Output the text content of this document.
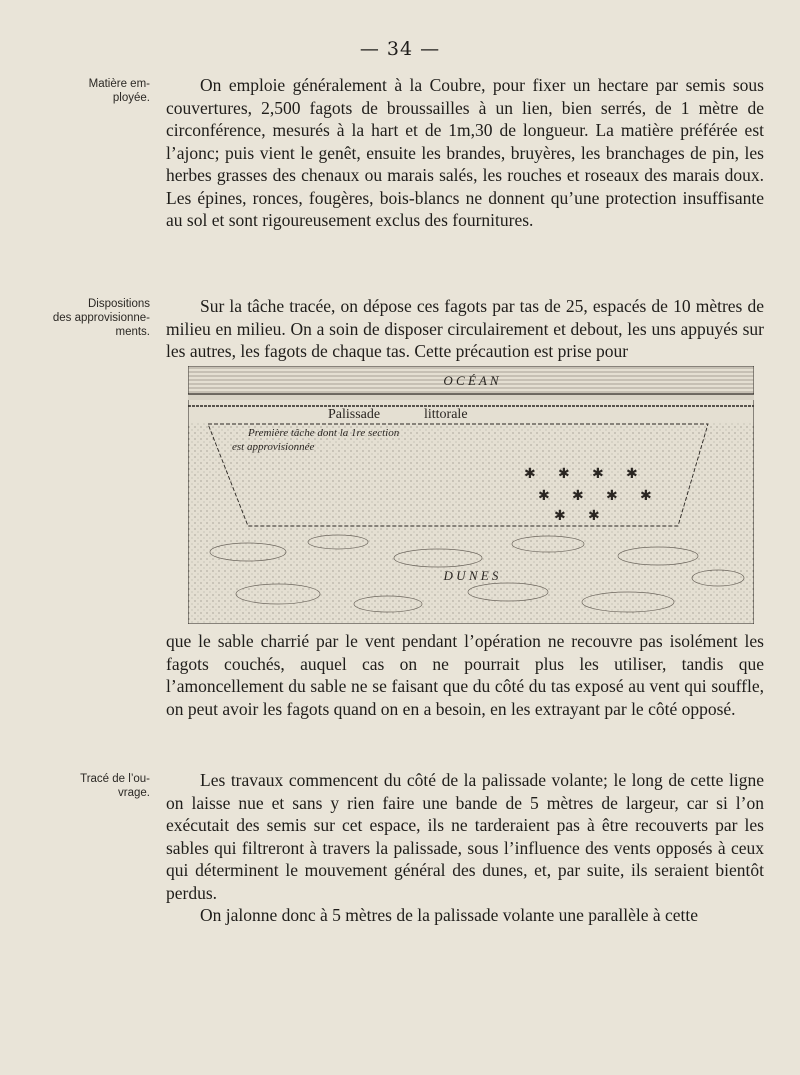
— 34 —
Matière em-
ployée.
Dispositions
des approvisionne-
ments.
Tracé de l’ou-
vrage.

On emploie généralement à la Coubre, pour fixer un hectare par semis sous couvertures, 2,500 fagots de broussailles à un lien, bien serrés, de 1 mètre de circonférence, mesurés à la hart et de 1m,30 de longueur. La matière préférée est l’ajonc; puis vient le genêt, ensuite les brandes, bruyères, les branchages de pin, les herbes grasses des chenaux ou marais salés, les rouches et roseaux des marais doux. Les épines, ronces, fougères, bois-blancs ne donnent qu’une protection insuffisante au sol et sont rigoureusement exclus des fournitures.

Sur la tâche tracée, on dépose ces fagots par tas de 25, espacés de 10 mètres de milieu en milieu. On a soin de disposer circulairement et debout, les uns appuyés sur les autres, les fagots de chaque tas. Cette précaution est prise pour

O C É A N
Palissade	littorale
Première tâche dont la 1re section
est approvisionnée
✱ ✱ ✱ ✱
✱ ✱ ✱ ✱
✱ ✱
D U N E S

que le sable charrié par le vent pendant l’opération ne recouvre pas isolément les fagots couchés, auquel cas on ne pourrait plus les utiliser, tandis que l’amoncellement du sable ne se faisant que du côté du tas exposé au vent qui souffle, on peut avoir les fagots quand on en a besoin, en les extrayant par le côté opposé.

Les travaux commencent du côté de la palissade volante; le long de cette ligne on laisse nue et sans y rien faire une bande de 5 mètres de largeur, car si l’on exécutait des semis sur cet espace, ils ne tarderaient pas à être recouverts par les sables qui filtreront à travers la palissade, sous l’influence des vents opposés à ceux qui déterminent le mouvement général des dunes, et, par suite, ils seraient bientôt perdus.

On jalonne donc à 5 mètres de la palissade volante une parallèle à cette
